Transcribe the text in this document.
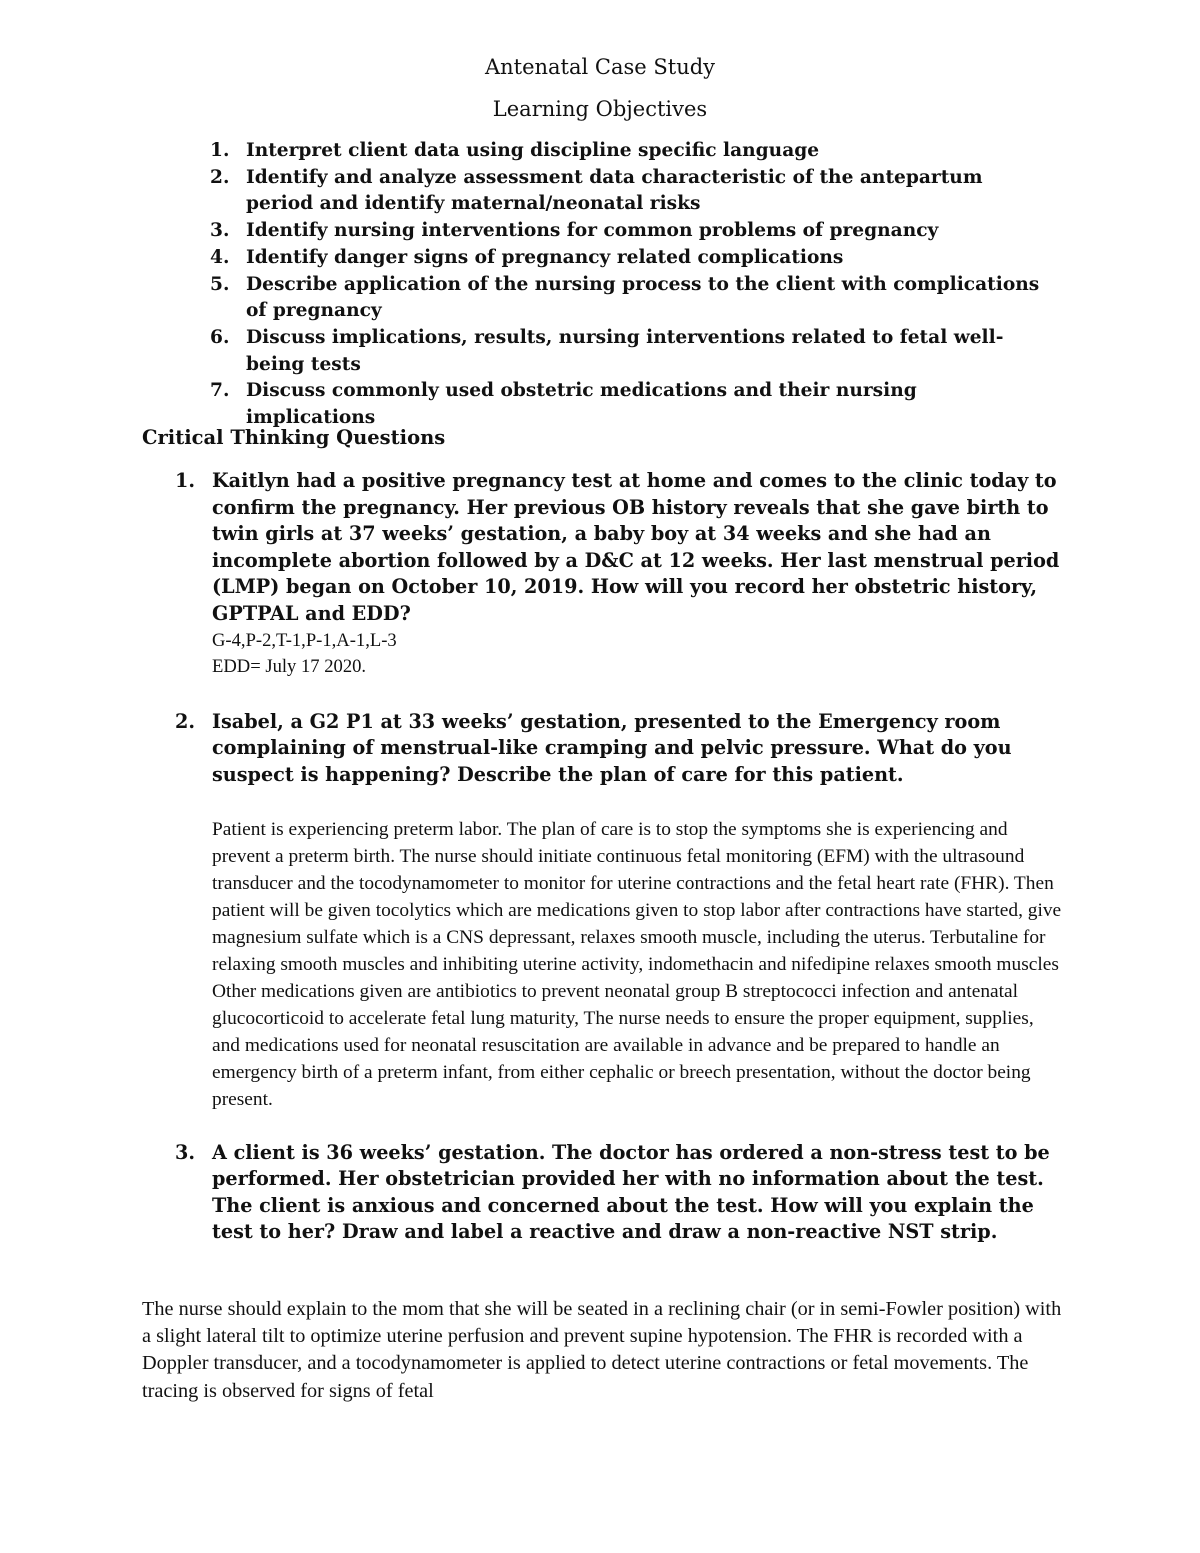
Antenatal Case Study
Learning Objectives
1. Interpret client data using discipline specific language
2. Identify and analyze assessment data characteristic of the antepartum period and identify maternal/neonatal risks
3. Identify nursing interventions for common problems of pregnancy
4. Identify danger signs of pregnancy related complications
5. Describe application of the nursing process to the client with complications of pregnancy
6. Discuss implications, results, nursing interventions related to fetal well-being tests
7. Discuss commonly used obstetric medications and their nursing implications
Critical Thinking Questions
1. Kaitlyn had a positive pregnancy test at home and comes to the clinic today to confirm the pregnancy. Her previous OB history reveals that she gave birth to twin girls at 37 weeks’ gestation, a baby boy at 34 weeks and she had an incomplete abortion followed by a D&C at 12 weeks. Her last menstrual period (LMP) began on October 10, 2019. How will you record her obstetric history, GPTPAL and EDD?

G-4,P-2,T-1,P-1,A-1,L-3

EDD= July 17 2020.

2. Isabel, a G2 P1 at 33 weeks’ gestation, presented to the Emergency room complaining of menstrual-like cramping and pelvic pressure. What do you suspect is happening? Describe the plan of care for this patient.

Patient is experiencing preterm labor. The plan of care is to stop the symptoms she is experiencing and prevent a preterm birth. The nurse should initiate continuous fetal monitoring (EFM) with the ultrasound transducer and the tocodynamometer to monitor for uterine contractions and the fetal heart rate (FHR). Then patient will be given tocolytics which are medications given to stop labor after contractions have started, give magnesium sulfate which is a CNS depressant, relaxes smooth muscle, including the uterus. Terbutaline for relaxing smooth muscles and inhibiting uterine activity, indomethacin and nifedipine relaxes smooth muscles Other medications given are antibiotics to prevent neonatal group B streptococci infection and antenatal glucocorticoid to accelerate fetal lung maturity, The nurse needs to ensure the proper equipment, supplies, and medications used for neonatal resuscitation are available in advance and be prepared to handle an emergency birth of a preterm infant, from either cephalic or breech presentation, without the doctor being present.

3. A client is 36 weeks’ gestation. The doctor has ordered a non-stress test to be performed. Her obstetrician provided her with no information about the test. The client is anxious and concerned about the test. How will you explain the test to her? Draw and label a reactive and draw a non-reactive NST strip.

The nurse should explain to the mom that she will be seated in a reclining chair (or in semi-Fowler position) with a slight lateral tilt to optimize uterine perfusion and prevent supine hypotension. The FHR is recorded with a Doppler transducer, and a tocodynamometer is applied to detect uterine contractions or fetal movements. The tracing is observed for signs of fetal
